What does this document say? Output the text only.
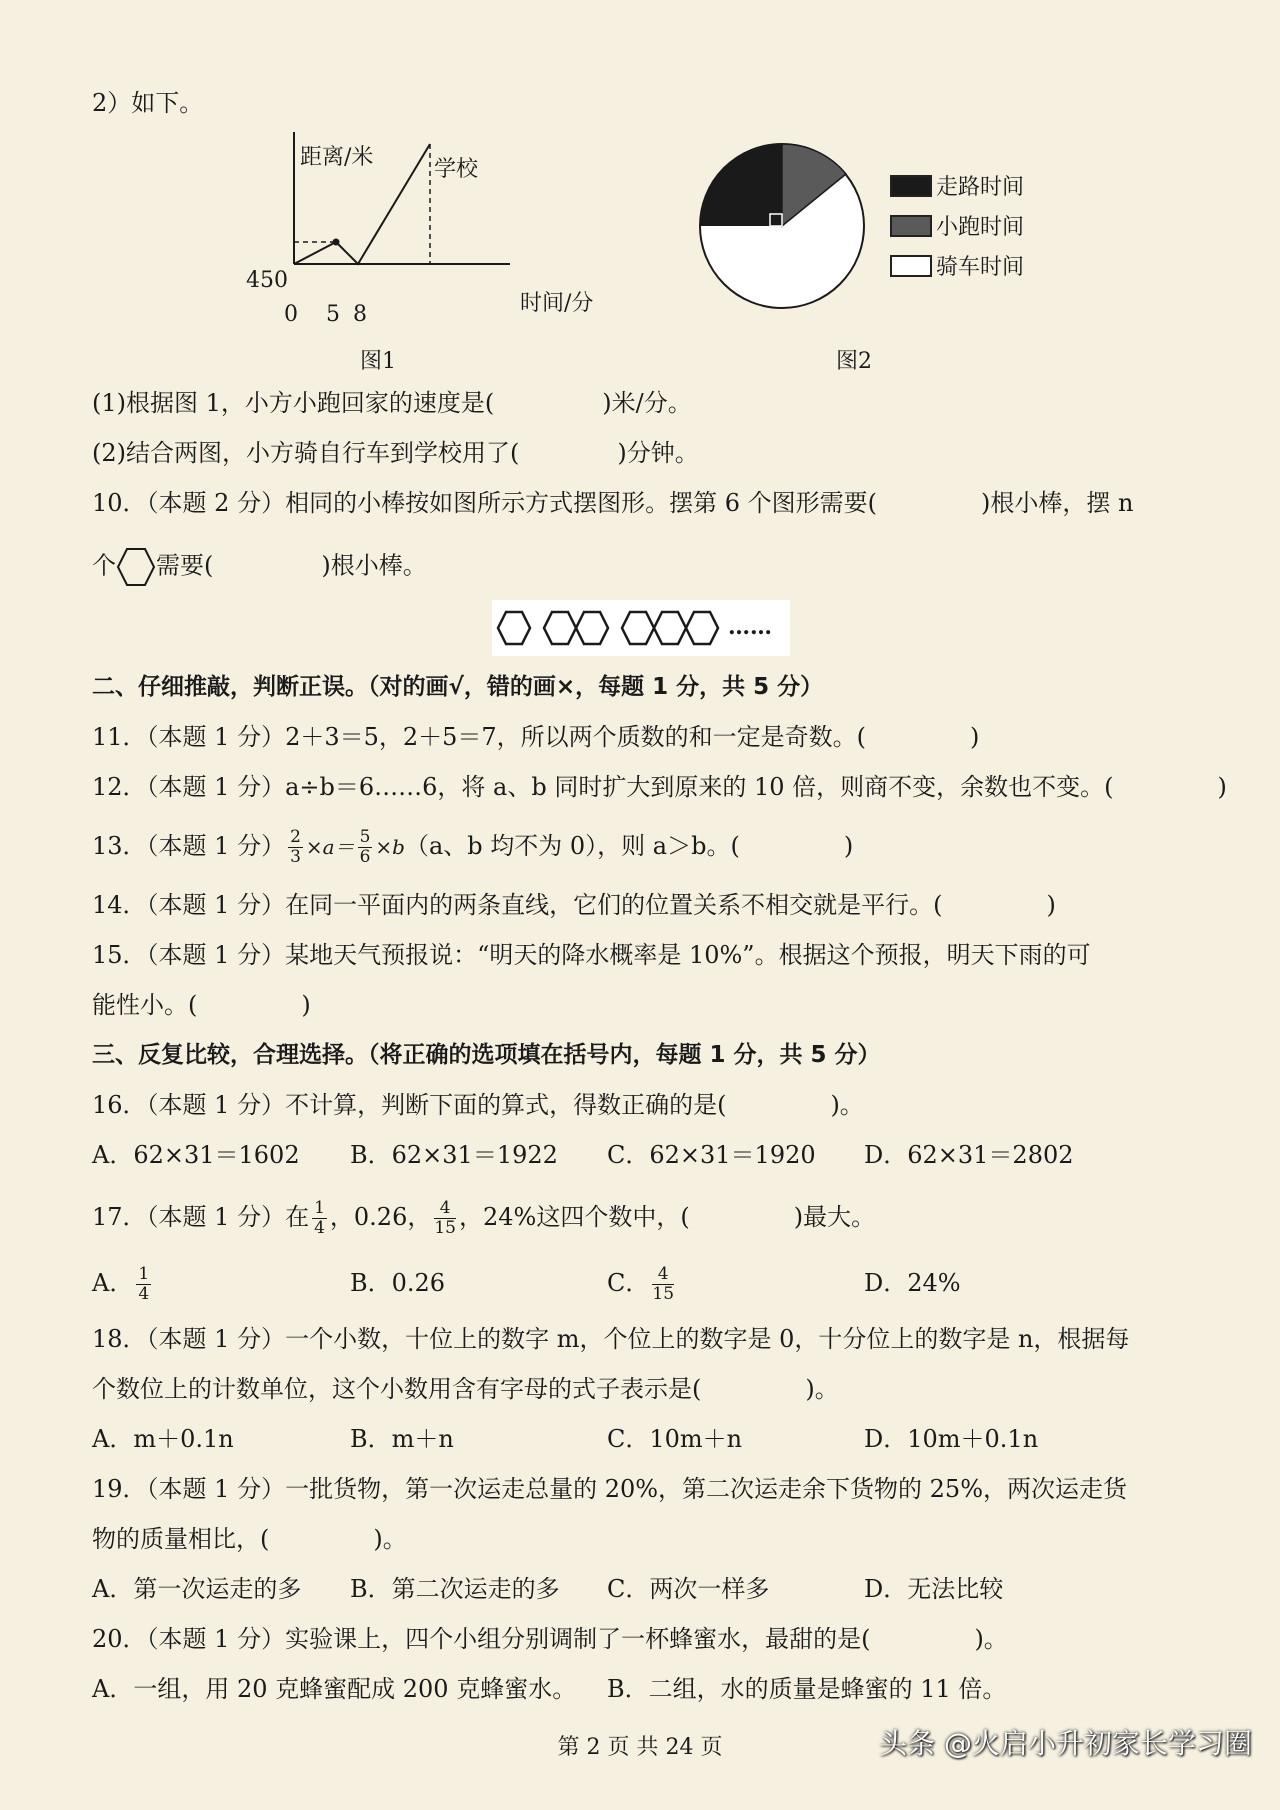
2）如下。
距离/米	学校
450
0 5 8	时间/分
图1
走路时间
小跑时间
骑车时间
图2
(1)根据图 1，小方小跑回家的速度是(	)米/分。
(2)结合两图，小方骑自行车到学校用了(	)分钟。
10．（本题 2 分）相同的小棒按如图所示方式摆图形。摆第 6 个图形需要(	)根小棒，摆 n
个 需要(	)根小棒。
……
二、仔细推敲，判断正误。（对的画√，错的画×，每题 1 分，共 5 分）
11．（本题 1 分）2＋3＝5，2＋5＝7，所以两个质数的和一定是奇数。(	)
12．（本题 1 分）a÷b＝6……6，将 a、b 同时扩大到原来的 10 倍，则商不变，余数也不变。(	)
13．（本题 1 分） $\frac{2}{3} \times a= \frac{5}{6} \times b(a$、b 均不为 0），则 a＞b。(	)
14．（本题 1 分）在同一平面内的两条直线，它们的位置关系不相交就是平行。(	)
15．（本题 1 分）某地天气预报说：“明天的降水概率是 10%”。根据这个预报，明天下雨的可
能性小。(	)
三、反复比较，合理选择。（将正确的选项填在括号内，每题 1 分，共 5 分）
16．（本题 1 分）不计算，判断下面的算式，得数正确的是(	)。
A．62×31＝1602 B．62×31＝1922 C．62×31＝1920 D．62×31＝2802
17．（本题 1 分）在 $\frac{1}{4}$ ，0.26， $\frac{4}{15}$ ，24%这四个数中，(	)最大。
A． $\frac{1}{4}$	B．0.26	C． $\frac{4}{15}$	D．24%
18．（本题 1 分）一个小数，十位上的数字 m，个位上的数字是 0，十分位上的数字是 n，根据每
个数位上的计数单位，这个小数用含有字母的式子表示是(	)。
A．m＋0.1n	B．m＋n	C．10m＋n	D．10m＋0.1n
19．（本题 1 分）一批货物，第一次运走总量的 20%，第二次运走余下货物的 25%，两次运走货
物的质量相比，(	)。
A．第一次运走的多 B．第二次运走的多 C．两次一样多	D．无法比较
20．（本题 1 分）实验课上，四个小组分别调制了一杯蜂蜜水，最甜的是(	)。
A．一组，用 20 克蜂蜜配成 200 克蜂蜜水。 B．二组，水的质量是蜂蜜的 11 倍。
第 2 页 共 24 页	头条 @火启小升初家长学习圈
